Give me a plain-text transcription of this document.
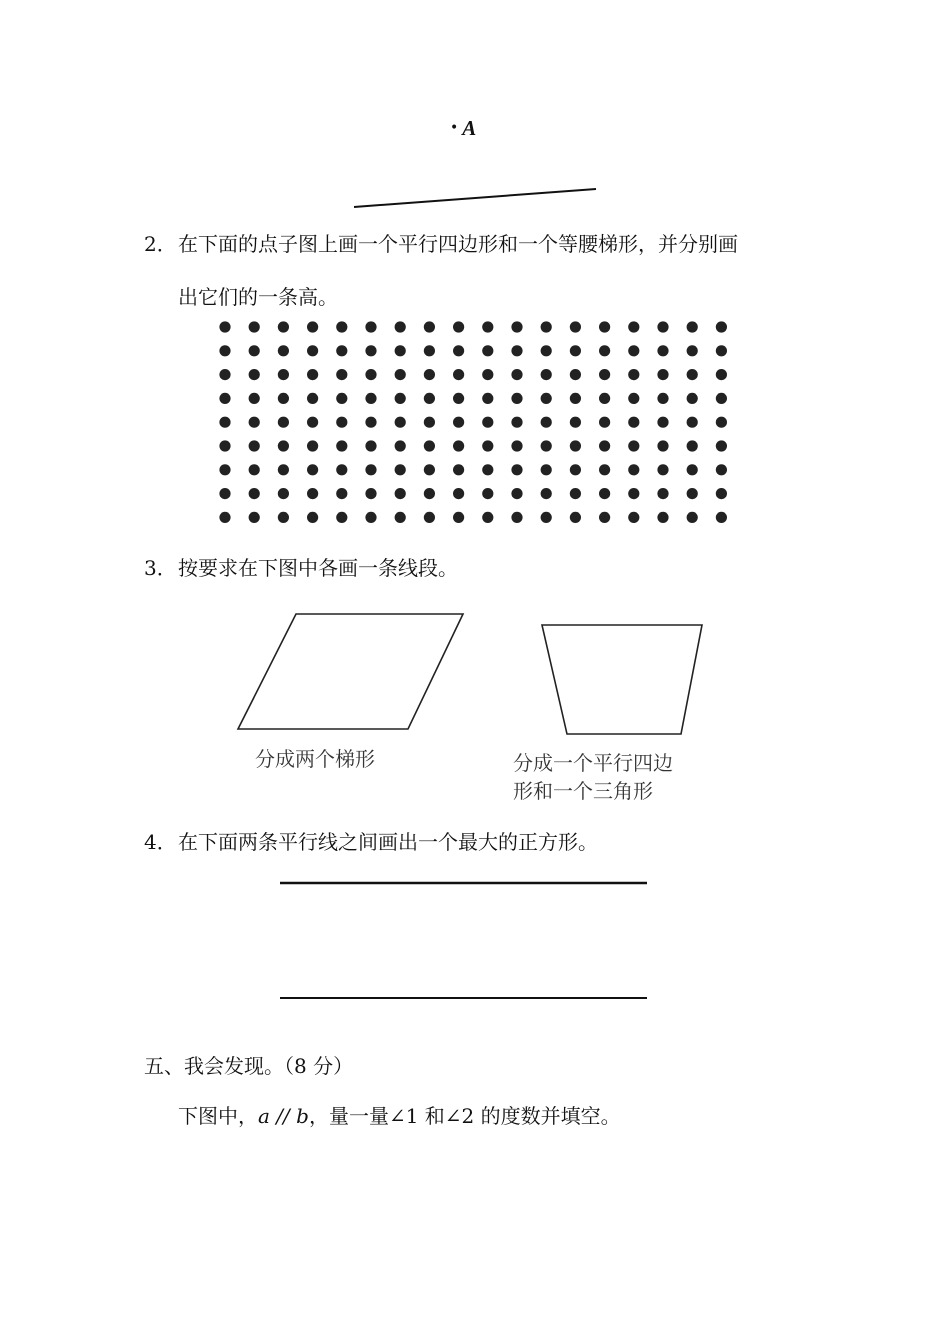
• A
2．在下面的点子图上画一个平行四边形和一个等腰梯形，并分别画
出它们的一条高。
3．按要求在下图中各画一条线段。
分成两个梯形	分成一个平行四边
形和一个三角形
4．在下面两条平行线之间画出一个最大的正方形。
五、我会发现。（8 分）
下图中，a // b，量一量∠1 和∠2 的度数并填空。
